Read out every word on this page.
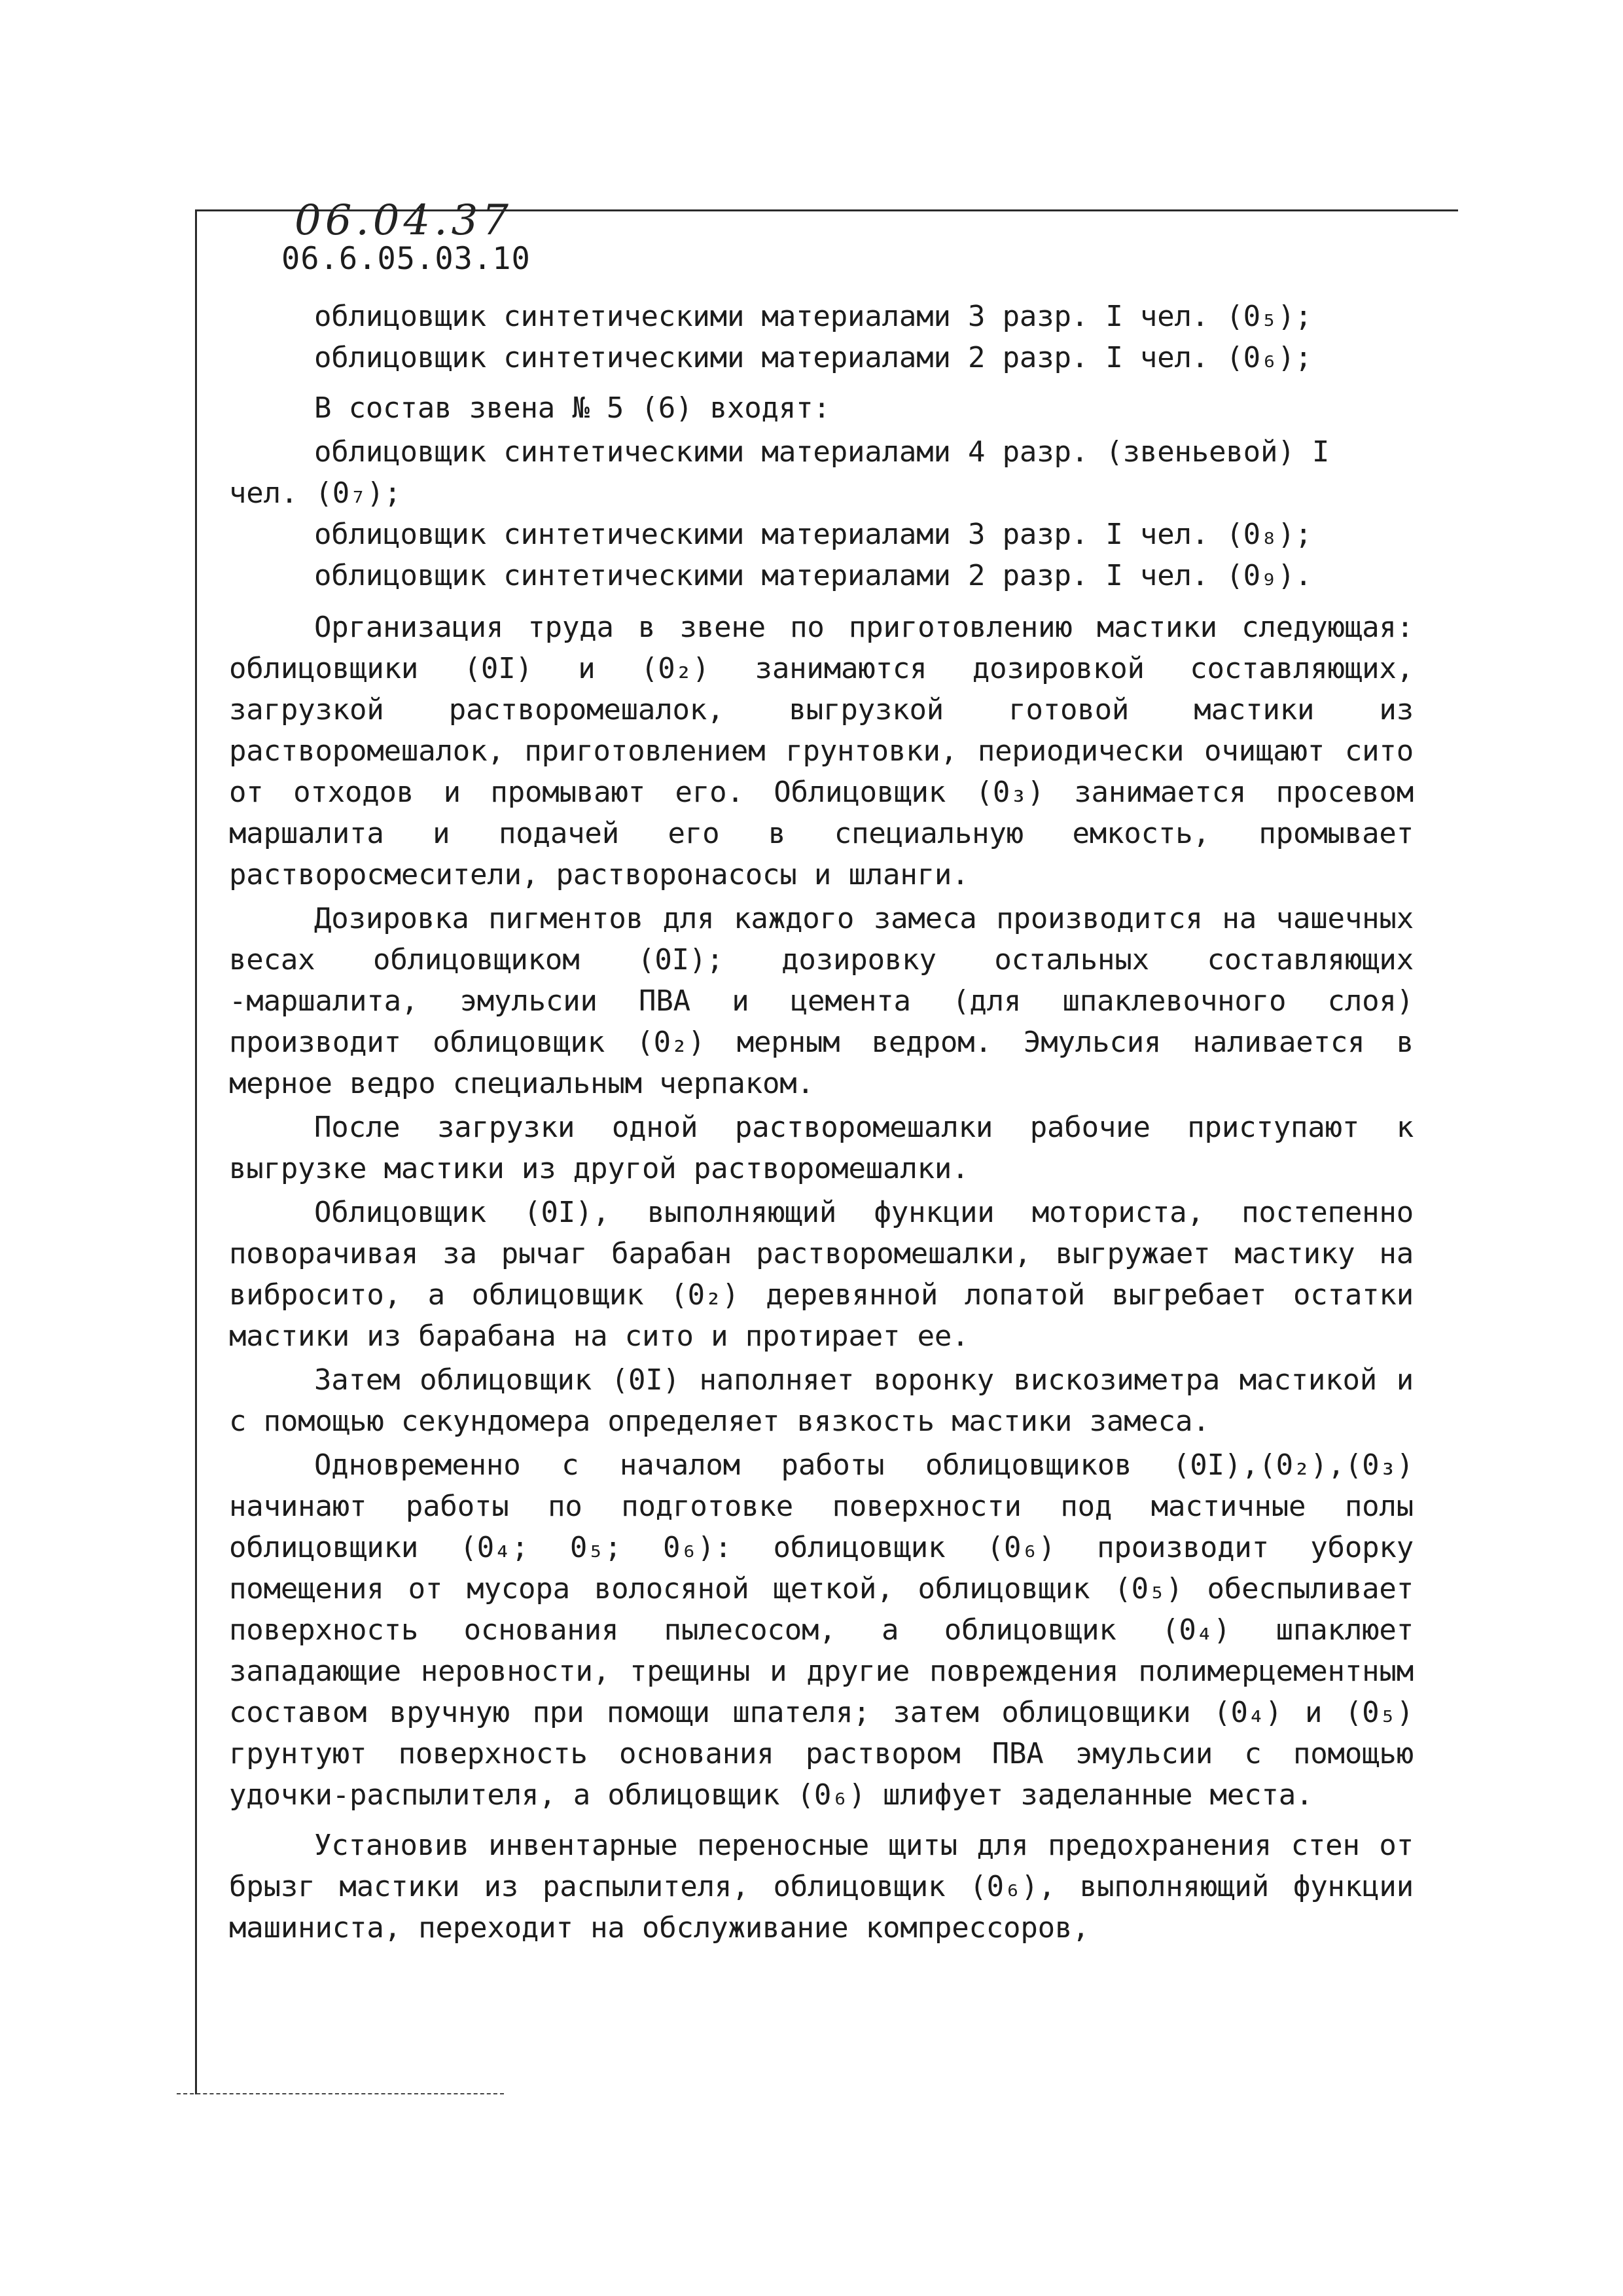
06.04.37

06.6.05.03.10

облицовщик синтетическими материалами 3 разр. I чел. (0₅);

облицовщик синтетическими материалами 2 разр. I чел. (0₆);

В состав звена № 5 (6) входят:

облицовщик синтетическими материалами 4 разр. (звеньевой) I чел. (0₇);

облицовщик синтетическими материалами 3 разр. I чел. (0₈);

облицовщик синтетическими материалами 2 разр. I чел. (0₉).

Организация труда в звене по приготовлению мастики следующая: облицовщики (0I) и (0₂) занимаются дозировкой составляющих, загрузкой растворомешалок, выгрузкой готовой мастики из растворомешалок, приготовлением грунтовки, периодически очищают сито от отходов и промывают его. Облицовщик (0₃) занимается просевом маршалита и подачей его в специальную емкость, промывает растворосмесители, растворонасосы и шланги.

Дозировка пигментов для каждого замеса производится на чашечных весах облицовщиком (0I); дозировку остальных составляющих -маршалита, эмульсии ПВА и цемента (для шпаклевочного слоя) производит облицовщик (0₂) мерным ведром. Эмульсия наливается в мерное ведро специальным черпаком.

После загрузки одной растворомешалки рабочие приступают к выгрузке мастики из другой растворомешалки.

Облицовщик (0I), выполняющий функции моториста, постепенно поворачивая за рычаг барабан растворомешалки, выгружает мастику на вибросито, а облицовщик (0₂) деревянной лопатой выгребает остатки мастики из барабана на сито и протирает ее.

Затем облицовщик (0I) наполняет воронку вискозиметра мастикой и с помощью секундомера определяет вязкость мастики замеса.

Одновременно с началом работы облицовщиков (0I),(0₂),(0₃) начинают работы по подготовке поверхности под мастичные полы облицовщики (0₄; 0₅; 0₆): облицовщик (0₆) производит уборку помещения от мусора волосяной щеткой, облицовщик (0₅) обеспыливает поверхность основания пылесосом, а облицовщик (0₄) шпаклюет западающие неровности, трещины и другие повреждения полимерцементным составом вручную при помощи шпателя; затем облицовщики (0₄) и (0₅) грунтуют поверхность основания раствором ПВА эмульсии с помощью удочки-распылителя, а облицовщик (0₆) шлифует заделанные места.

Установив инвентарные переносные щиты для предохранения стен от брызг мастики из распылителя, облицовщик (0₆), выполняющий функции машиниста, переходит на обслуживание компрессоров,
